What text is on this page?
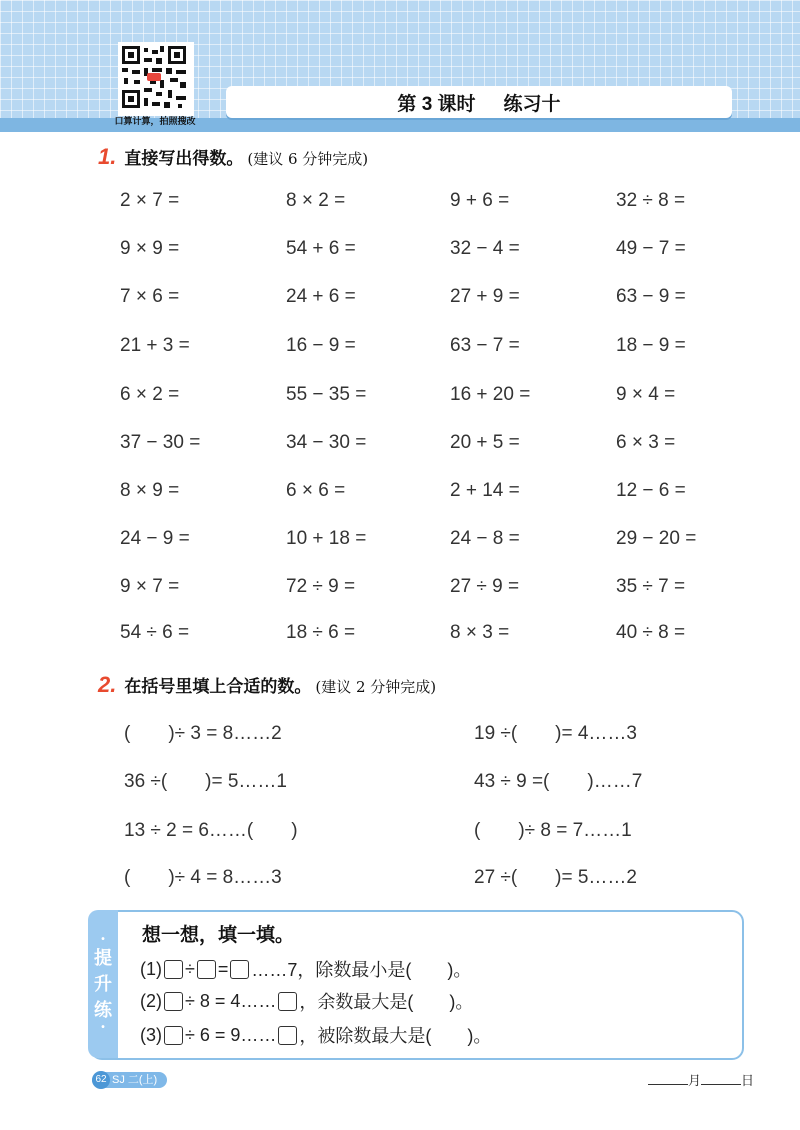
口算计算，拍照搜改
第 3 课时 练习十
1. 直接写出得数。 (建议 6 分钟完成)
2 × 7 =	8 × 2 =	9 + 6 =	32 ÷ 8 =
9 × 9 =	54 + 6 =	32 − 4 =	49 − 7 =
7 × 6 =	24 + 6 =	27 + 9 =	63 − 9 =
21 + 3 =	16 − 9 =	63 − 7 =	18 − 9 =
6 × 2 =	55 − 35 =	16 + 20 =	9 × 4 =
37 − 30 =	34 − 30 =	20 + 5 =	6 × 3 =
8 × 9 =	6 × 6 =	2 + 14 =	12 − 6 =
24 − 9 =	10 + 18 =	24 − 8 =	29 − 20 =
9 × 7 =	72 ÷ 9 =	27 ÷ 9 =	35 ÷ 7 =
54 ÷ 6 =	18 ÷ 6 =	8 × 3 =	40 ÷ 8 =
2. 在括号里填上合适的数。 (建议 2 分钟完成)
(　　)÷ 3 = 8……2	19 ÷(　　)= 4……3
36 ÷(　　)= 5……1	43 ÷ 9 =(　　)……7
13 ÷ 2 = 6……(　　)	(　　)÷ 8 = 7……1
(　　)÷ 4 = 8……3	27 ÷(　　)= 5……2
•
提
升
练
•
想一想，填一填。
(1) ÷ = ……7，除数最小是(　　)。
(2) ÷ 8 = 4…… ，余数最大是(　　)。
(3) ÷ 6 = 9…… ，被除数最大是(　　)。
SJ 二(上)
62	月	日
